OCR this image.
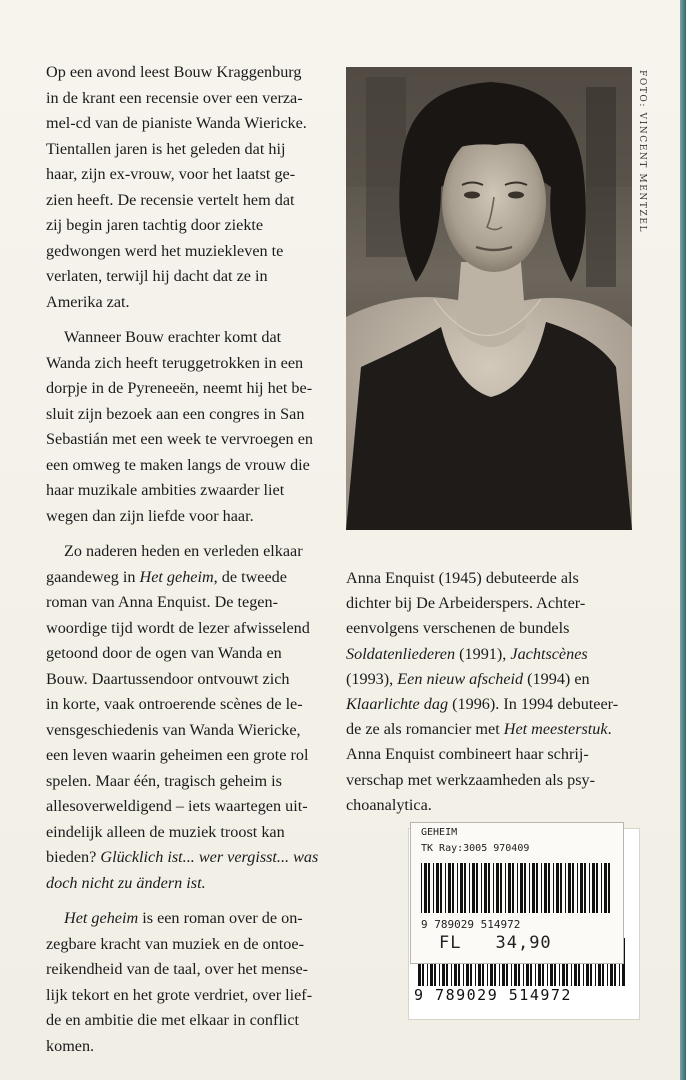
Op een avond leest Bouw Kraggenburg
in de krant een recensie over een verza-
mel-cd van de pianiste Wanda Wiericke.
Tientallen jaren is het geleden dat hij
haar, zijn ex-vrouw, voor het laatst ge-
zien heeft. De recensie vertelt hem dat
zij begin jaren tachtig door ziekte
gedwongen werd het muziekleven te
verlaten, terwijl hij dacht dat ze in
Amerika zat.

Wanneer Bouw erachter komt dat
Wanda zich heeft teruggetrokken in een
dorpje in de Pyreneeën, neemt hij het be-
sluit zijn bezoek aan een congres in San
Sebastián met een week te vervroegen en
een omweg te maken langs de vrouw die
haar muzikale ambities zwaarder liet
wegen dan zijn liefde voor haar.

Zo naderen heden en verleden elkaar
gaandeweg in Het geheim, de tweede
roman van Anna Enquist. De tegen-
woordige tijd wordt de lezer afwisselend
getoond door de ogen van Wanda en
Bouw. Daartussendoor ontvouwt zich
in korte, vaak ontroerende scènes de le-
vensgeschiedenis van Wanda Wiericke,
een leven waarin geheimen een grote rol
spelen. Maar één, tragisch geheim is
allesoverweldigend – iets waartegen uit-
eindelijk alleen de muziek troost kan
bieden? Glücklich ist... wer vergisst... was
doch nicht zu ändern ist.

Het geheim is een roman over de on-
zegbare kracht van muziek en de ontoe-
reikendheid van de taal, over het mense-
lijk tekort en het grote verdriet, over lief-
de en ambitie die met elkaar in conflict
komen.

FOTO: VINCENT MENTZEL
Anna Enquist (1945) debuteerde als
dichter bij De Arbeiderspers. Achter-
eenvolgens verschenen de bundels
Soldatenliederen (1991), Jachtscènes
(1993), Een nieuw afscheid (1994) en
Klaarlichte dag (1996). In 1994 debuteer-
de ze als romancier met Het meesterstuk.
Anna Enquist combineert haar schrij-
verschap met werkzaamheden als psy-
choanalytica.
9 789029 514972
GEHEIM
TK Ray:3005 970409
9 789029 514972
FL 34,90
